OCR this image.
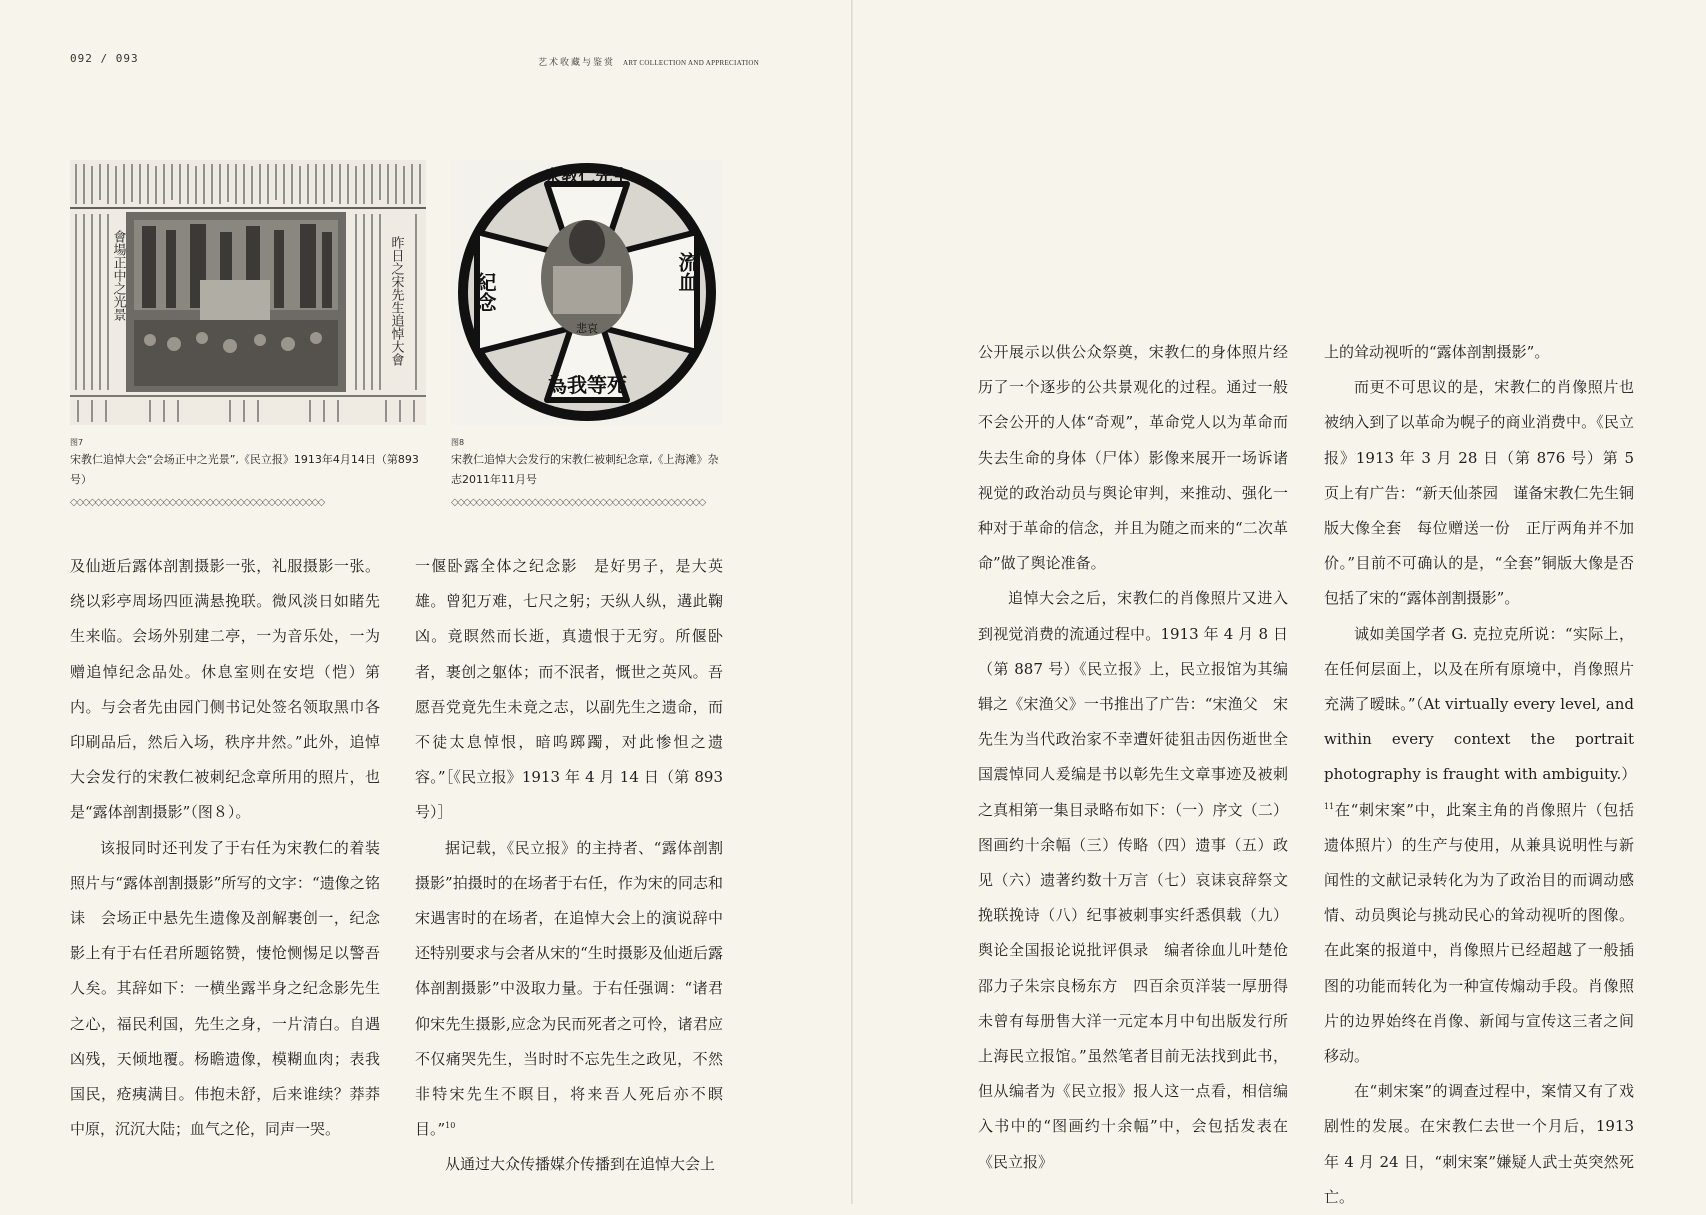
092 / 093	艺术收藏与鉴赏 ART COLLECTION AND APPRECIATION
會場正中之光景	昨日之宋先生追悼大會
图7
宋教仁追悼大会“会场正中之光景”,《民立报》1913年4月14日（第893号）
◇◇◇◇◇◇◇◇◇◇◇◇◇◇◇◇◇◇◇◇◇◇◇◇◇◇◇◇◇◇◇◇◇◇◇◇◇◇◇◇◇
宋教仁先生
流血
紀念
悲哀
為我等死
图8
宋教仁追悼大会发行的宋教仁被刺纪念章,《上海滩》杂志2011年11月号
◇◇◇◇◇◇◇◇◇◇◇◇◇◇◇◇◇◇◇◇◇◇◇◇◇◇◇◇◇◇◇◇◇◇◇◇◇◇◇◇◇

及仙逝后露体剖割摄影一张，礼服摄影一张。绕以彩亭周场四匝满悬挽联。微风淡日如睹先生来临。会场外别建二亭，一为音乐处，一为赠追悼纪念品处。休息室则在安垲（恺）第内。与会者先由园门侧书记处签名领取黑巾各印刷品后，然后入场，秩序井然。”此外，追悼大会发行的宋教仁被刺纪念章所用的照片，也是“露体剖割摄影”（图８）。

该报同时还刊发了于右任为宋教仁的着装照片与“露体剖割摄影”所写的文字：“遗像之铭诔　会场正中悬先生遗像及剖解裹创一，纪念影上有于右任君所题铭赞，悽怆恻惕足以警吾人矣。其辞如下：一横坐露半身之纪念影先生之心，福民利国，先生之身，一片清白。自遇凶残，天倾地覆。杨瞻遗像，模糊血肉；表我国民，疮痍满目。伟抱未舒，后来谁续？莽莽中原，沉沉大陆；血气之伦，同声一哭。

一偃卧露全体之纪念影　是好男子，是大英雄。曾犯万难，七尺之躬；天纵人纵，遘此鞠凶。竟瞑然而长逝，真遗恨于无穷。所偃卧者，裹创之躯体；而不泯者，慨世之英风。吾愿吾党竟先生未竟之志，以副先生之遗命，而不徒太息悼恨，暗呜踯躅，对此惨怛之遗容。”［《民立报》1913 年 4 月 14 日（第 893 号）］

据记载，《民立报》的主持者、“露体剖割摄影”拍摄时的在场者于右任，作为宋的同志和宋遇害时的在场者，在追悼大会上的演说辞中还特别要求与会者从宋的“生时摄影及仙逝后露体剖割摄影”中汲取力量。于右任强调：“诸君仰宋先生摄影,应念为民而死者之可怜，诸君应不仅痛哭先生，当时时不忘先生之政见，不然非特宋先生不瞑目，将来吾人死后亦不瞑目。”$^{10}$

从通过大众传播媒介传播到在追悼大会上

公开展示以供公众祭奠，宋教仁的身体照片经历了一个逐步的公共景观化的过程。通过一般不会公开的人体“奇观”，革命党人以为革命而失去生命的身体（尸体）影像来展开一场诉诸视觉的政治动员与舆论审判，来推动、强化一种对于革命的信念，并且为随之而来的“二次革命”做了舆论准备。

追悼大会之后，宋教仁的肖像照片又进入到视觉消费的流通过程中。1913 年 4 月 8 日（第 887 号）《民立报》上，民立报馆为其编辑之《宋渔父》一书推出了广告：“宋渔父　宋先生为当代政治家不幸遭奸徒狙击因伤逝世全国震悼同人爰编是书以彰先生文章事迹及被刺之真相第一集目录略布如下：（一）序文（二）图画约十余幅（三）传略（四）遗事（五）政见（六）遗著约数十万言（七）哀诔哀辞祭文挽联挽诗（八）纪事被刺事实纤悉俱载（九）舆论全国报论说批评俱录　编者徐血儿叶楚伧邵力子朱宗良杨东方　四百余页洋装一厚册得未曾有每册售大洋一元定本月中旬出版发行所上海民立报馆。”虽然笔者目前无法找到此书，但从编者为《民立报》报人这一点看，相信编入书中的“图画约十余幅”中，会包括发表在《民立报》

上的耸动视听的“露体剖割摄影”。

而更不可思议的是，宋教仁的肖像照片也被纳入到了以革命为幌子的商业消费中。《民立报》1913 年 3 月 28 日（第 876 号）第 5 页上有广告：“新天仙茶园　谨备宋教仁先生铜版大像全套　每位赠送一份　正厅两角并不加价。”目前不可确认的是，“全套”铜版大像是否包括了宋的“露体剖割摄影”。

诚如美国学者 G. 克拉克所说：“实际上，在任何层面上，以及在所有原境中，肖像照片充满了暧昧。”（At virtually every level, and within every context the portrait photography is fraught with ambiguity.）$^{11}$在“刺宋案”中，此案主角的肖像照片（包括遗体照片）的生产与使用，从兼具说明性与新闻性的文献记录转化为为了政治目的而调动感情、动员舆论与挑动民心的耸动视听的图像。在此案的报道中，肖像照片已经超越了一般插图的功能而转化为一种宣传煽动手段。肖像照片的边界始终在肖像、新闻与宣传这三者之间移动。

在“刺宋案”的调查过程中，案情又有了戏剧性的发展。在宋教仁去世一个月后，1913 年 4 月 24 日，“刺宋案”嫌疑人武士英突然死亡。
